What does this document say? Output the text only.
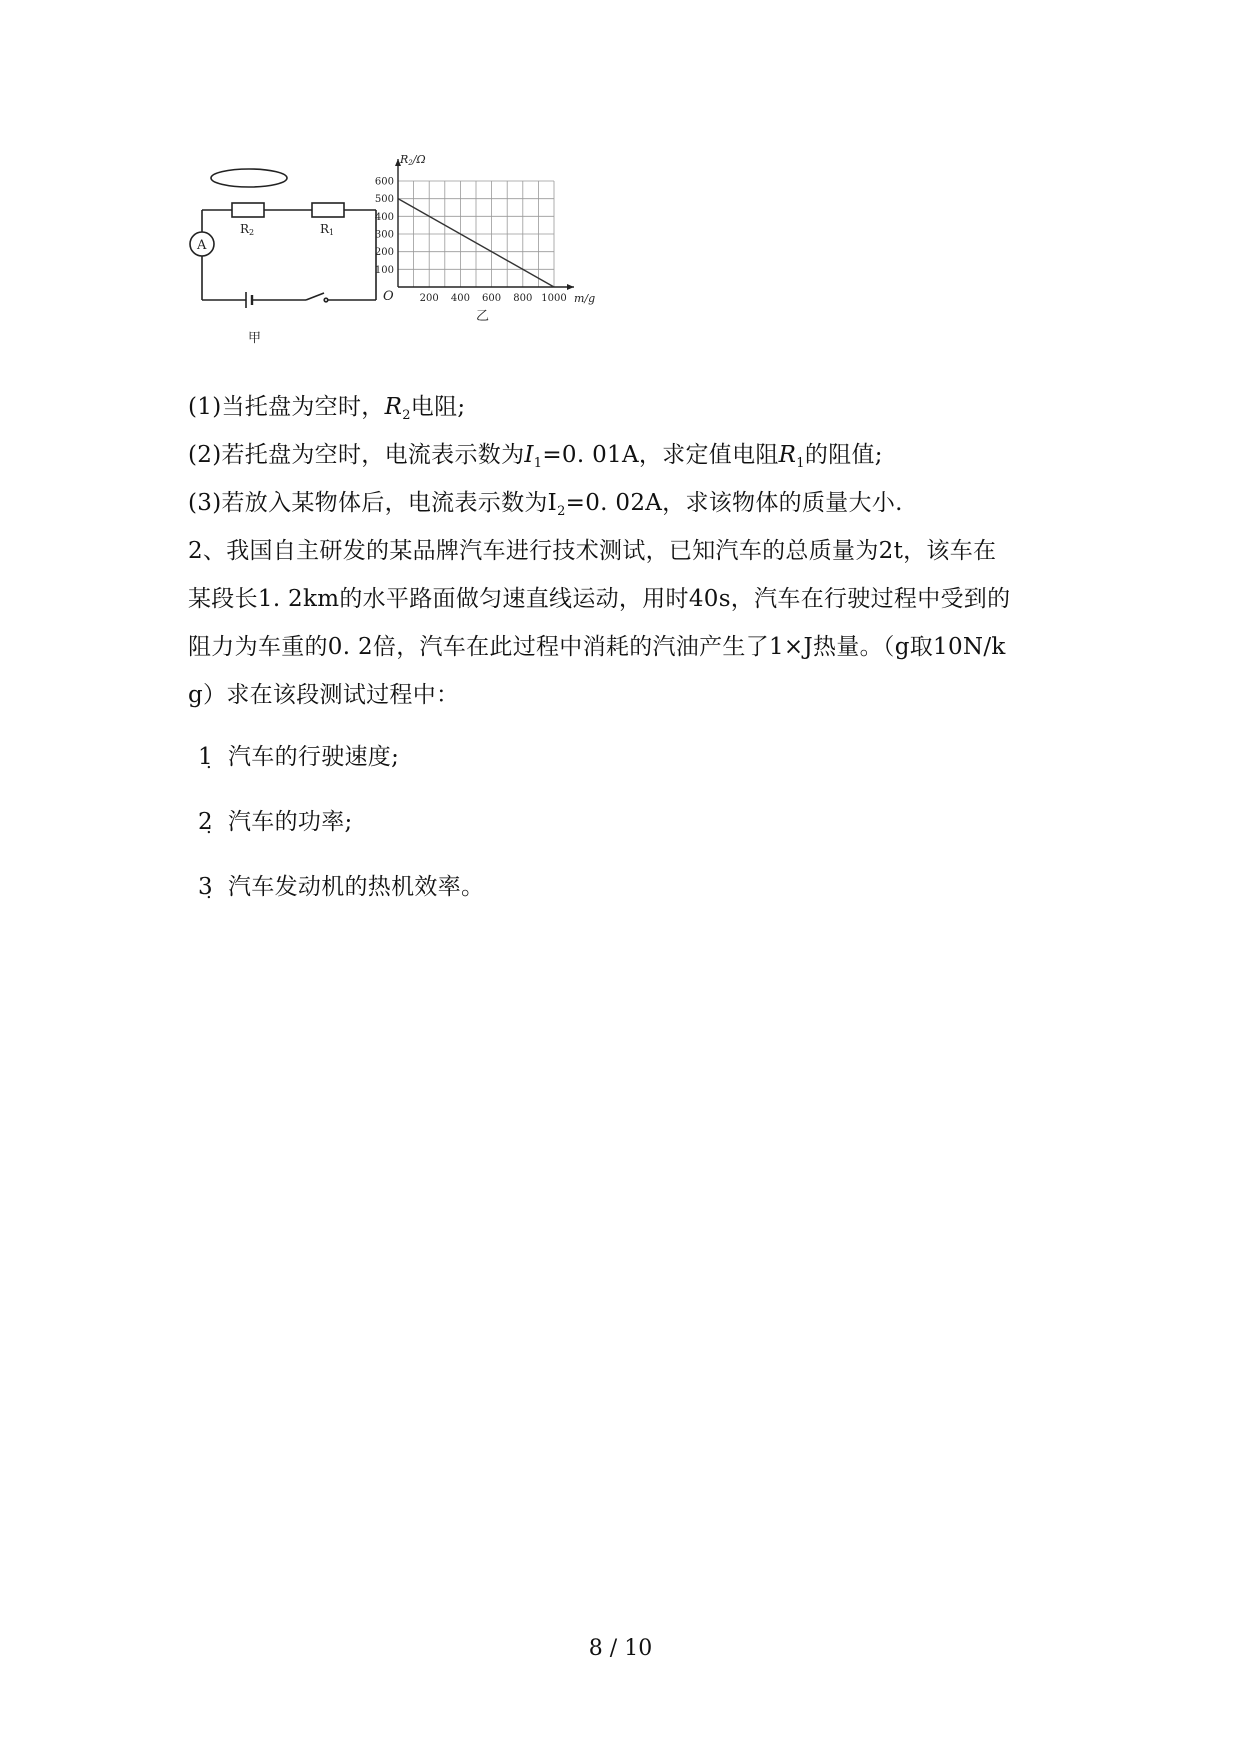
A
R2	R1
甲
200 400 600 800 1000
100
200
300
400
500
600
O
R2/Ω
m/g
乙
(1)当托盘为空时，$R_2$电阻;
(2)若托盘为空时，电流表示数为$I_1=0$. 01A，求定值电阻$R_1$的阻值;
(3)若放入某物体后，电流表示数为$I_2=0$. 02A，求该物体的质量大小.
2、我国自主研发的某品牌汽车进行技术测试，已知汽车的总质量为2t，该车在
某段长1. 2km的水平路面做匀速直线运动，用时40s，汽车在行驶过程中受到的
阻力为车重的0. 2倍，汽车在此过程中消耗的汽油产生了1×J热量。（g取10N/k
g）求在该段测试过程中：
1 . 汽车的行驶速度;
2 . 汽车的功率;
3 . 汽车发动机的热机效率。
8 / 10
